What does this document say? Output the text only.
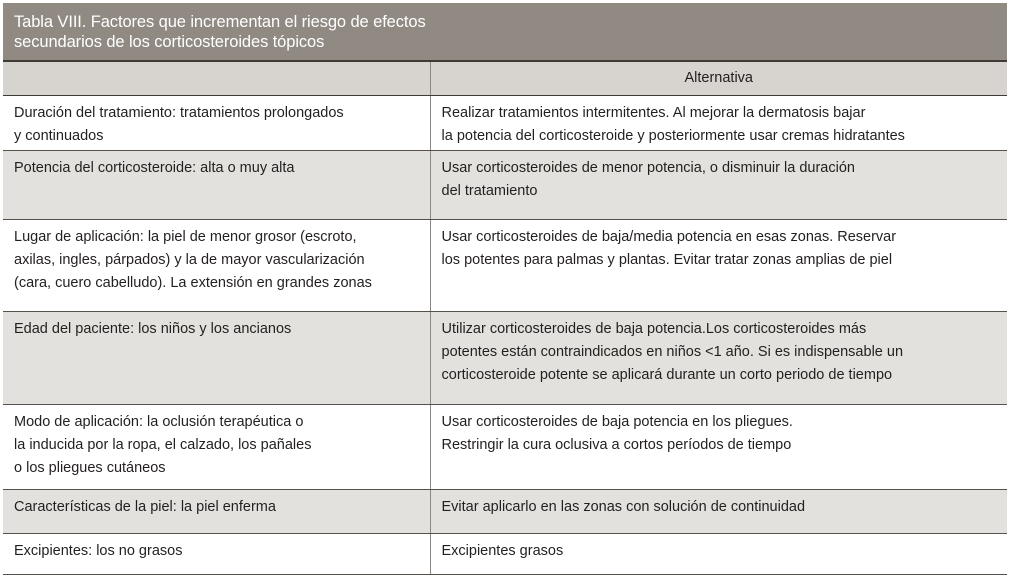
Tabla VIII. Factores que incrementan el riesgo de efectos
secundarios de los corticosteroides tópicos
	Alternativa

Duración del tratamiento: tratamientos prolongados
y continuados	Realizar tratamientos intermitentes. Al mejorar la dermatosis bajar
la potencia del corticosteroide y posteriormente usar cremas hidratantes

Potencia del corticosteroide: alta o muy alta	Usar corticosteroides de menor potencia, o disminuir la duración
del tratamiento

Lugar de aplicación: la piel de menor grosor (escroto,
axilas, ingles, párpados) y la de mayor vascularización
(cara, cuero cabelludo). La extensión en grandes zonas	Usar corticosteroides de baja/media potencia en esas zonas. Reservar
los potentes para palmas y plantas. Evitar tratar zonas amplias de piel

Edad del paciente: los niños y los ancianos	Utilizar corticosteroides de baja potencia.Los corticosteroides más
potentes están contraindicados en niños <1 año. Si es indispensable un
corticosteroide potente se aplicará durante un corto periodo de tiempo

Modo de aplicación: la oclusión terapéutica o
la inducida por la ropa, el calzado, los pañales
o los pliegues cutáneos	Usar corticosteroides de baja potencia en los pliegues.
Restringir la cura oclusiva a cortos períodos de tiempo

Características de la piel: la piel enferma	Evitar aplicarlo en las zonas con solución de continuidad

Excipientes: los no grasos	Excipientes grasos
